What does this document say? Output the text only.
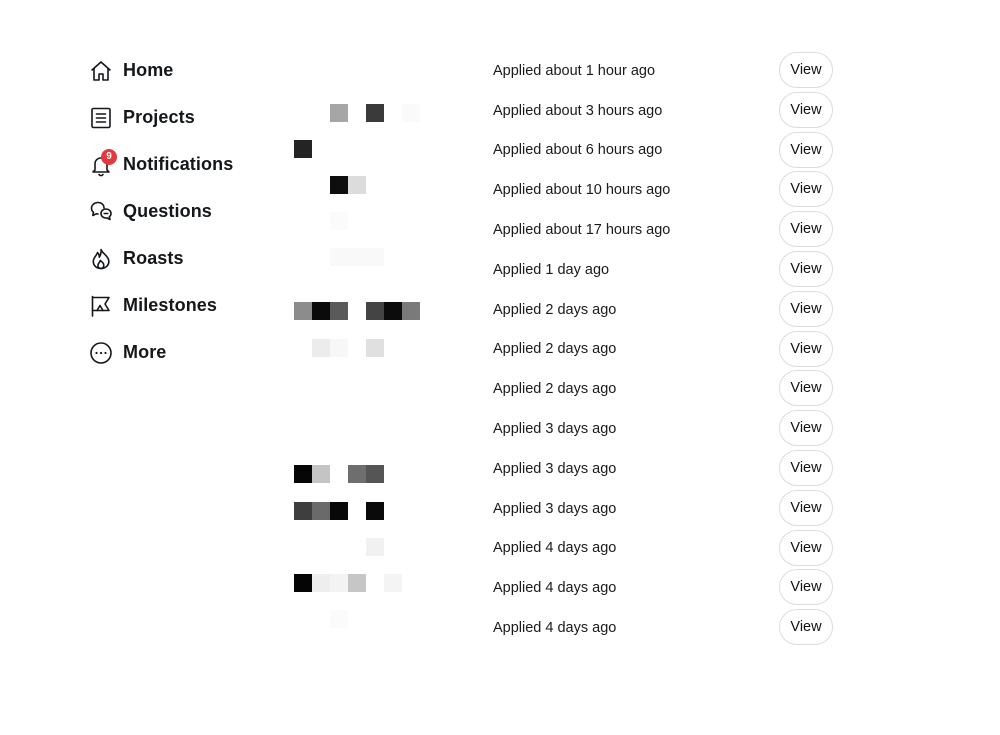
Home
Projects
9 Notifications
Questions
Roasts
Milestones
More
Applied about 1 hour ago	View
Applied about 3 hours ago	View
Applied about 6 hours ago	View
Applied about 10 hours ago	View
Applied about 17 hours ago	View
Applied 1 day ago	View
Applied 2 days ago	View
Applied 2 days ago	View
Applied 2 days ago	View
Applied 3 days ago	View
Applied 3 days ago	View
Applied 3 days ago	View
Applied 4 days ago	View
Applied 4 days ago	View
Applied 4 days ago	View
